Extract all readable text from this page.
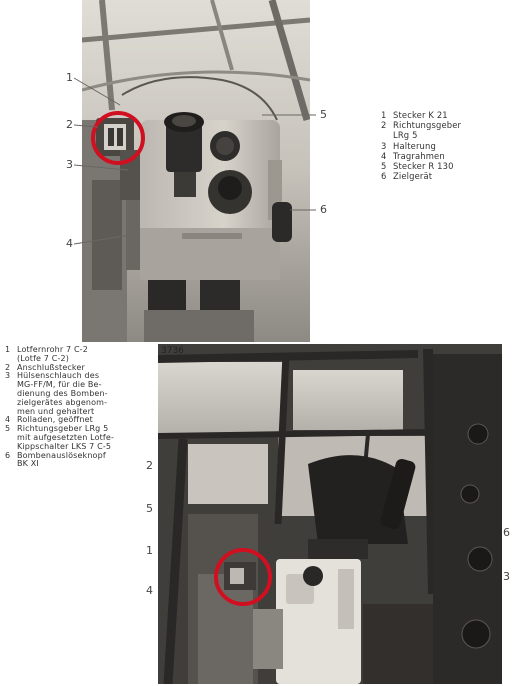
1
2
3
4
5
6
1 Stecker K 21
2 Richtungsgeber
LRg 5
3 Halterung
4 Tragrahmen
5 Stecker R 130
6 Zielgerät
1 Lotfernrohr 7 C-2
(Lotfe 7 C-2)
2 Anschlußstecker
3 Hülsenschlauch des
MG-FF/M, für die Be-
dienung des Bomben-
zielgerätes abgenom-
men und gehaltert
4 Rolladen, geöffnet
5 Richtungsgeber LRg 5
mit aufgesetzten Lotfe-
Kippschalter LKS 7 C-5
6 Bombenauslöseknopf
BK XI
3736
2
5
1
4
6
3
